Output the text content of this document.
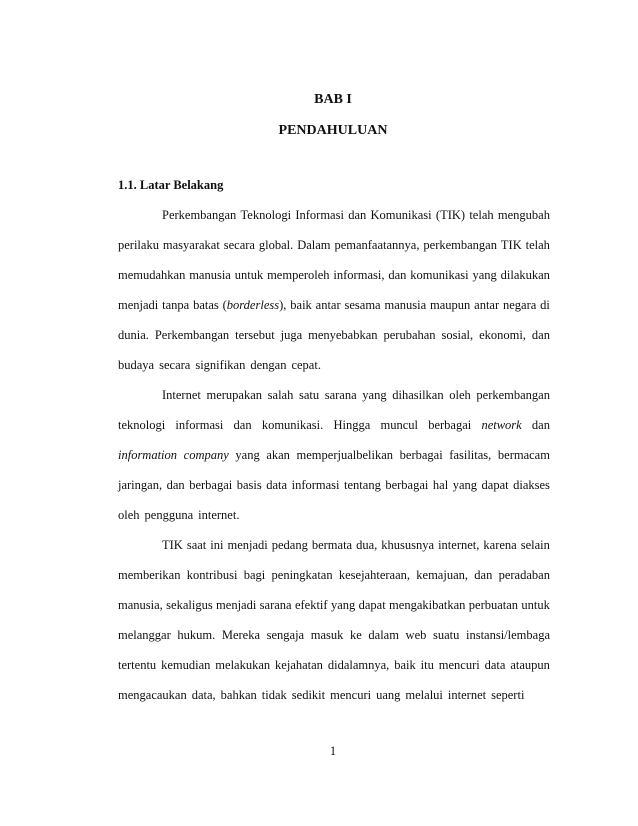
BAB I
PENDAHULUAN
1.1. Latar Belakang
Perkembangan Teknologi Informasi dan Komunikasi (TIK) telah mengubah
perilaku masyarakat secara global. Dalam pemanfaatannya, perkembangan TIK telah
memudahkan manusia untuk memperoleh informasi, dan komunikasi yang dilakukan
menjadi tanpa batas (borderless), baik antar sesama manusia maupun antar negara di
dunia. Perkembangan tersebut juga menyebabkan perubahan sosial, ekonomi, dan
budaya secara signifikan dengan cepat.
Internet merupakan salah satu sarana yang dihasilkan oleh perkembangan
teknologi informasi dan komunikasi. Hingga muncul berbagai network dan
information company yang akan memperjualbelikan berbagai fasilitas, bermacam
jaringan, dan berbagai basis data informasi tentang berbagai hal yang dapat diakses
oleh pengguna internet.
TIK saat ini menjadi pedang bermata dua, khususnya internet, karena selain
memberikan kontribusi bagi peningkatan kesejahteraan, kemajuan, dan peradaban
manusia, sekaligus menjadi sarana efektif yang dapat mengakibatkan perbuatan untuk
melanggar hukum. Mereka sengaja masuk ke dalam web suatu instansi/lembaga
tertentu kemudian melakukan kejahatan didalamnya, baik itu mencuri data ataupun
mengacaukan data, bahkan tidak sedikit mencuri uang melalui internet seperti
1
